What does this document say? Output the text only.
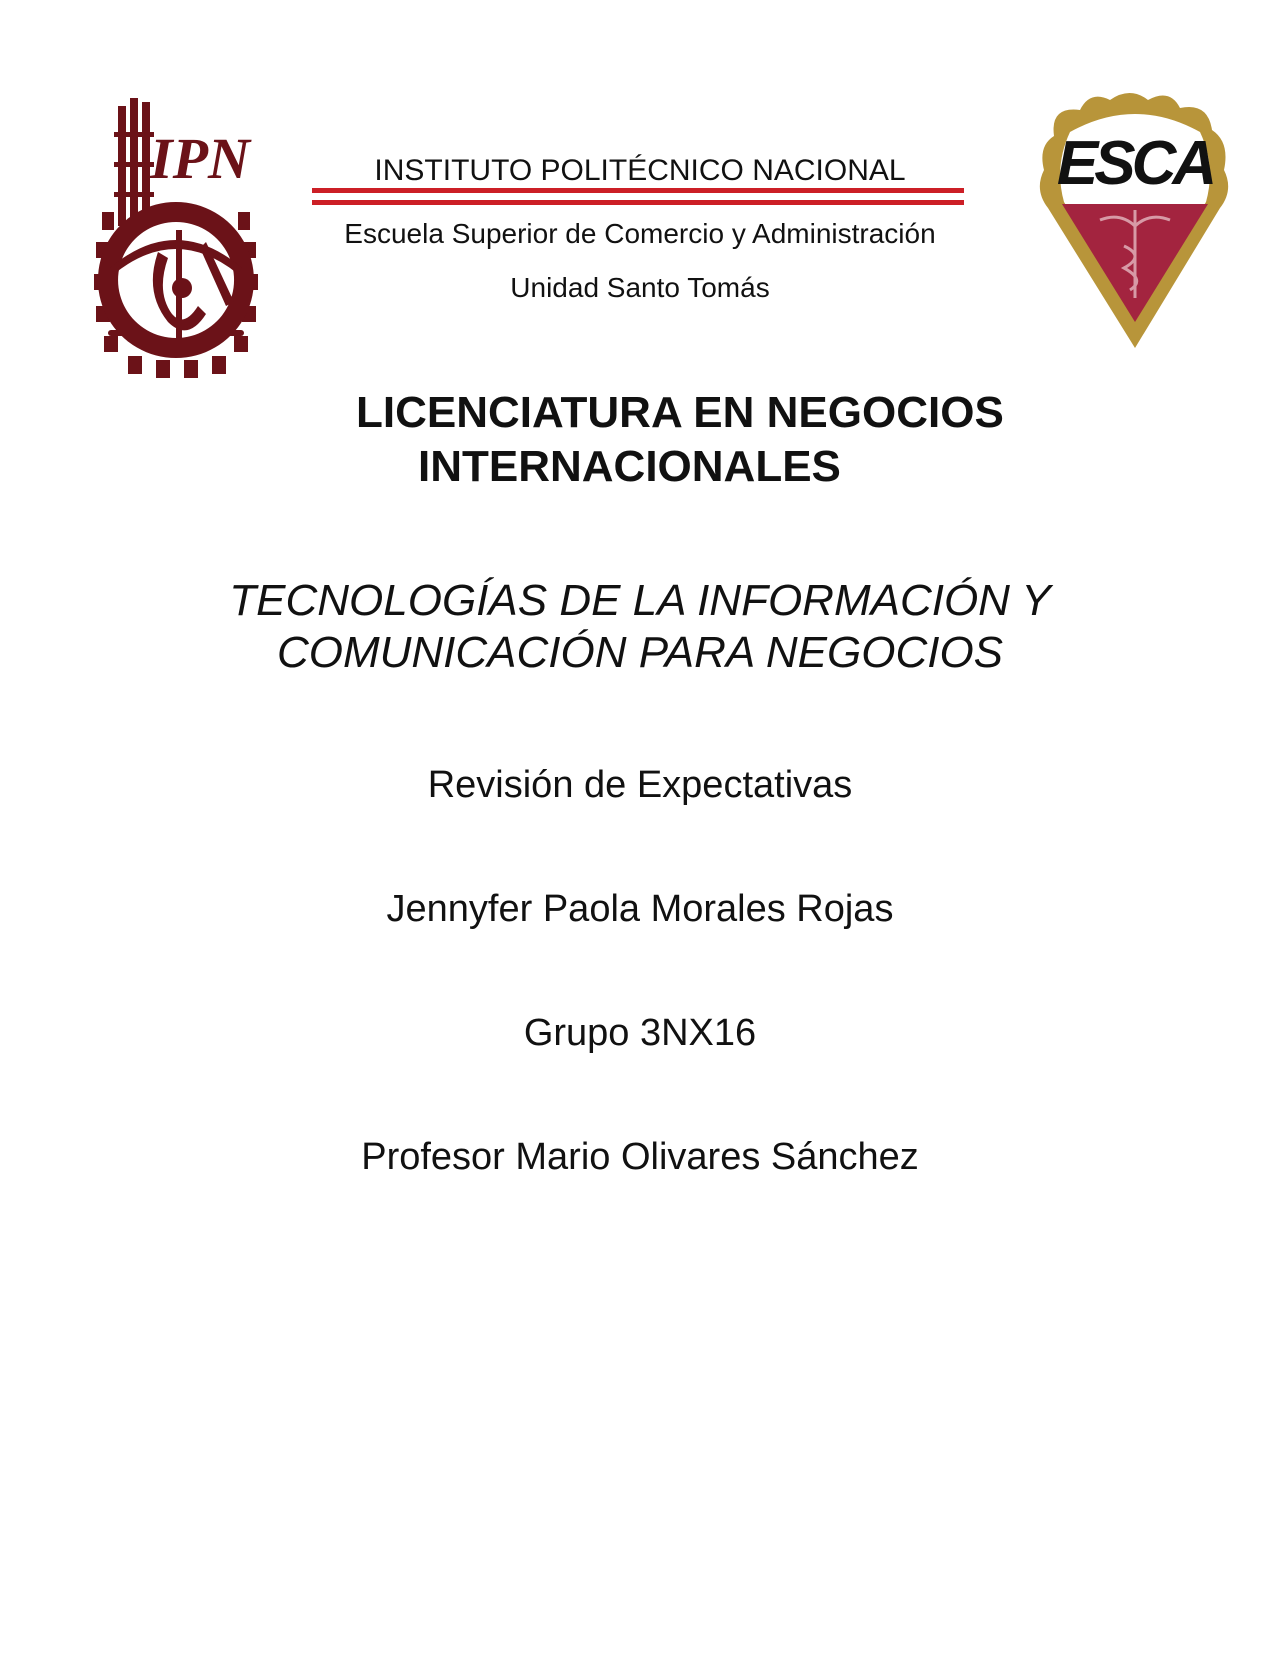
IPN	ESCA
INSTITUTO POLITÉCNICO NACIONAL
Escuela Superior de Comercio y Administración
Unidad Santo Tomás
LICENCIATURA EN NEGOCIOS
INTERNACIONALES
TECNOLOGÍAS DE LA INFORMACIÓN Y
COMUNICACIÓN PARA NEGOCIOS
Revisión de Expectativas
Jennyfer Paola Morales Rojas
Grupo 3NX16
Profesor Mario Olivares Sánchez
